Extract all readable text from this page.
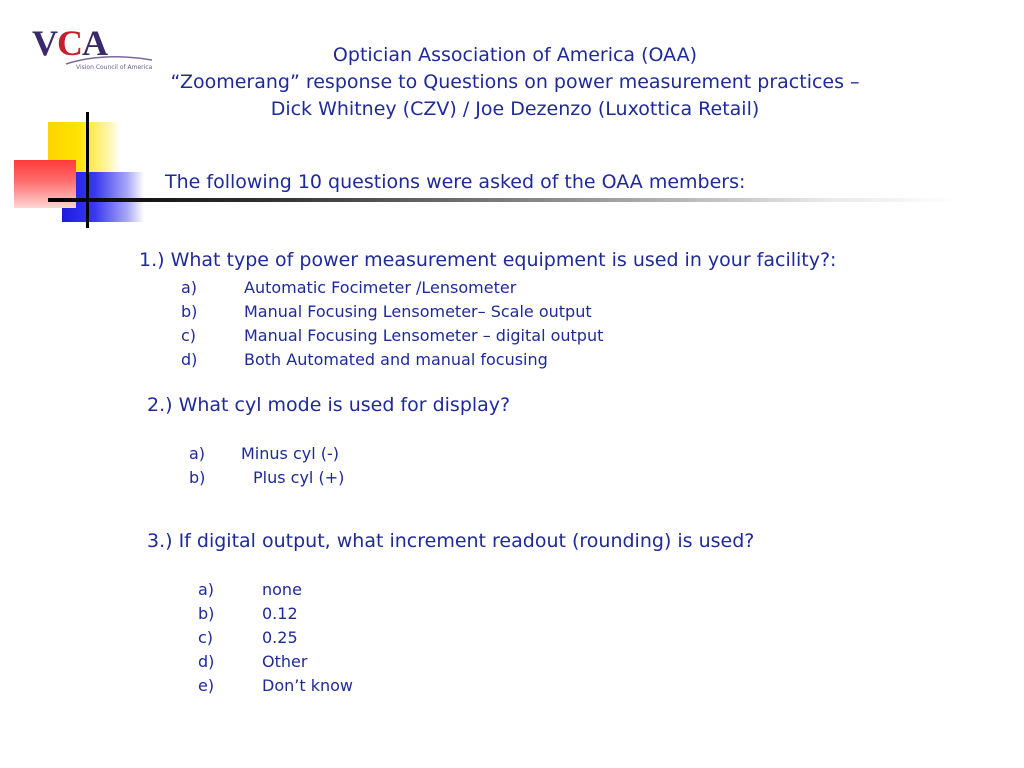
VCA
Vision Council of America
Optician Association of America (OAA)
“Zoomerang” response to Questions on power measurement practices –
Dick Whitney (CZV) / Joe Dezenzo (Luxottica Retail)
The following 10 questions were asked of the OAA members:
1.) What type of power measurement equipment is used in your facility?:
a)	Automatic Focimeter /Lensometer
b)	Manual Focusing Lensometer– Scale output
c)	Manual Focusing Lensometer – digital output
d)	Both Automated and manual focusing
2.) What cyl mode is used for display?
a) Minus cyl (-)
b)	Plus cyl (+)
3.) If digital output, what increment readout (rounding) is used?
a)	none
b)	0.12
c)	0.25
d)	Other
e)	Don’t know
